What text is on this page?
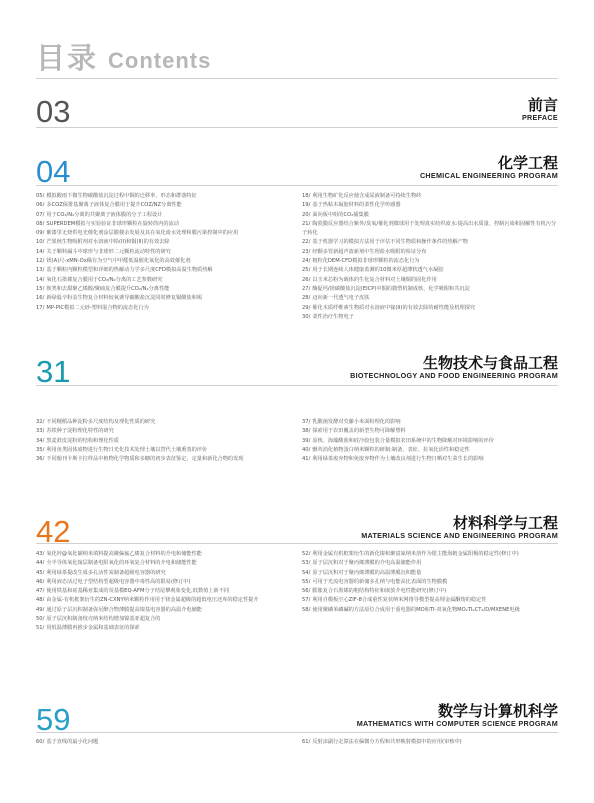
目录 Contents
03	前言
PREFACE
04	化学工程
CHEMICAL ENGINEERING PROGRAM
05/ 模拟酸雨下微生物碳酸盐沉淀过程中铜的迁移率、形态和群落特征
06/ 多COZ保排基聚离子液体复合膜用于提升COZ/NZ分离性能
07/ 用于CO₂/N₂分离的共聚离子液体膜的分子工程设计
08/ SUPERDEM模拟与实验验证非球形颗粒在旋转筒内的流动
09/ 紫漆里无烧供电光催化剂涂层膜楼余发展及其在氧化废水处理和膜污染控制中的应用
10/ 芒果核生物吸附剂对水溶液中铅(II)和铜(II)的有效去除
14/ 关于颗料漏斗中球形与非球形二元颗粒流动特性的研究
12/ 镁(A)尺-xMN-Ox稀有为空气中甲醛低温催化氧化的高效催化剂
13/ 基于颗粒内颗粒模型和详细的热解动力学多尺度CFD模拟高温生物质热解
14/ 氧化石墨烯复合膜用于CO₂/N₂分离的工艺参数研究
15/ 胺类和去甜聚乙烯醇/聚硫复合膜提升CO₂/N₂分离性能
16/ 新绿股辛粉盖生物复合材料较氧诱导碳酸盐沉淀同时修复铜酸盐和锡
17/ MP-PIC模拟二元砂-塑料混合物的流态化行为
18/ 利用生物矿化反应使含成尿液制备可持续生物砖
19/ 基于热粘木凝胶材料的柔性化学传感器
20/ 面向板中组的CO₂捕集膜
21/ 陶瓷膜反应器结合紫外/臭氧/催化剂微球用于处理真实纺织废水:提高出水质量、控制污染和固解性有机污分子转化
22/ 基于机器学习的模拟方法用于评估不同生物质和操作条件的热解产物
23/ 经颗多管新超声波新剂中生理盐水吸附的检证分布
24/ 粗粒化DEM-CFD模拟非球形颗粒的流态化行为
25/ 用于长期连续人体健康监测的10微米厚超薄软透气水凝胶
26/ 以玉米芯粉为载体的生化复合材料对土壤铜的固化作用
27/ 酶促钙/镁碳酸盐沉淀(EICP)中铜的微塑机制成核、化学吸附和共沉淀
28/ 迈向新一代透气电子皮肤
29/ 催化木质纤维素生物质对水溶液中镓(II)的有效去除的耐性能及机理探究
30/ 柔性治疗生物电子
31	生物技术与食品工程
BIOTECHNOLOGY AND FOOD ENGINEERING PROGRAM
32/ 不同粳稻品种淀粉多尺度结构及理化性质的研究
33/ 苏铁种子淀粉理化特性的研究
34/ 黑麦麸皮淀粉的结构和理化性质
35/ 利用鱼类固体废物进行生物日光化技术处理土壤以替代土壤熏蒸的评价
36/ 不同葡刊卡斯卡拉样品中植物化学物质和多糖的初步表征鉴定、定量和新化合物的发现
37/ 乳酸菌发酵对芡藤小米面粉理化的影响
38/ 探索用于农田覆盖的新型生物可降解塑料
39/ 原核、海藻酸盐和硅冷胶包装合量模拟农田系统中的生物降解对环境影响的评价
40/ 颤茸消化植物蛋白纳米颗粒的研制:制备、表征、抗氧化活性和稳定性
41/ 利用绿茶废弃物和免废弃物作为土壤改良剂进行生物日晒对生菜生长的影响
42	材料科学与工程
MATERIALS SCIENCE AND ENGINEERING PROGRAM
43/ 氧化锌@氧化碳纳米填料提高聚偏氟乙烯复合材料的介电和储能性能
44/ 全半导体氧化镓层制备电阻氧化的环氧复合材料的介电和储能性能
45/ 利用绿茶提改生成多孔活性炭制备超级电容器的研究
46/ 利用液态活过电子型结构型超级电容器中毒性高的限易(修订中)
47/ 使用铁基和底基稀亚集成的荧基模EQ-AFM分子结尾攀观象变化,低数值上新不同
48/ 由金属-有机框架衍生的ZN-CXNY纳米颗粒作用用于镁金属超级的超低电压还库的稳定性提升
49/ 通过原子层沉积制备弥尼醉合物薄膜提高镍基电容器的高温介电储能
50/ 原子层沉积制备枝壳纳米结构增加镍基亚超复合的
51/ 用低温薄膜再推步金属和基础表征的探索
52/ 利用金属有机框架衍生的新化镍和聚富氮纳米溶作为银主能海链金属阳极的稳定性(修订中)
53/ 原子层沉积对于聚丙烯薄膜的介电高温储能作用
54/ 原子层沉积对于聚丙烯薄膜的高温薄膜沉积能量
55/ 可用于光流电容器的新储多孔纳与电能高比表面的生物膜模
56/ 膨胀复合石墨烯的粗结构特征和嵌放介电性能研究(修订中)
57/ 利用自模板空心ZIF-8合成重性复状纳米网络导模型提高埋金属酮熔的稳定性
58/ 使用聚磷苯磷碱的方法原位合成用于重电器的MO和TI-双氧化物MO₂TI₂CT₂/D/MXENE电极
59	数学与计算机科学
MATHEMATICS WITH COMPUTER SCIENCE PROGRAM
60/ 基于直线的最小化问题	61/ 反射沫副行走算法在偏微分方程和共形映射模拟中的应用(审核中)
